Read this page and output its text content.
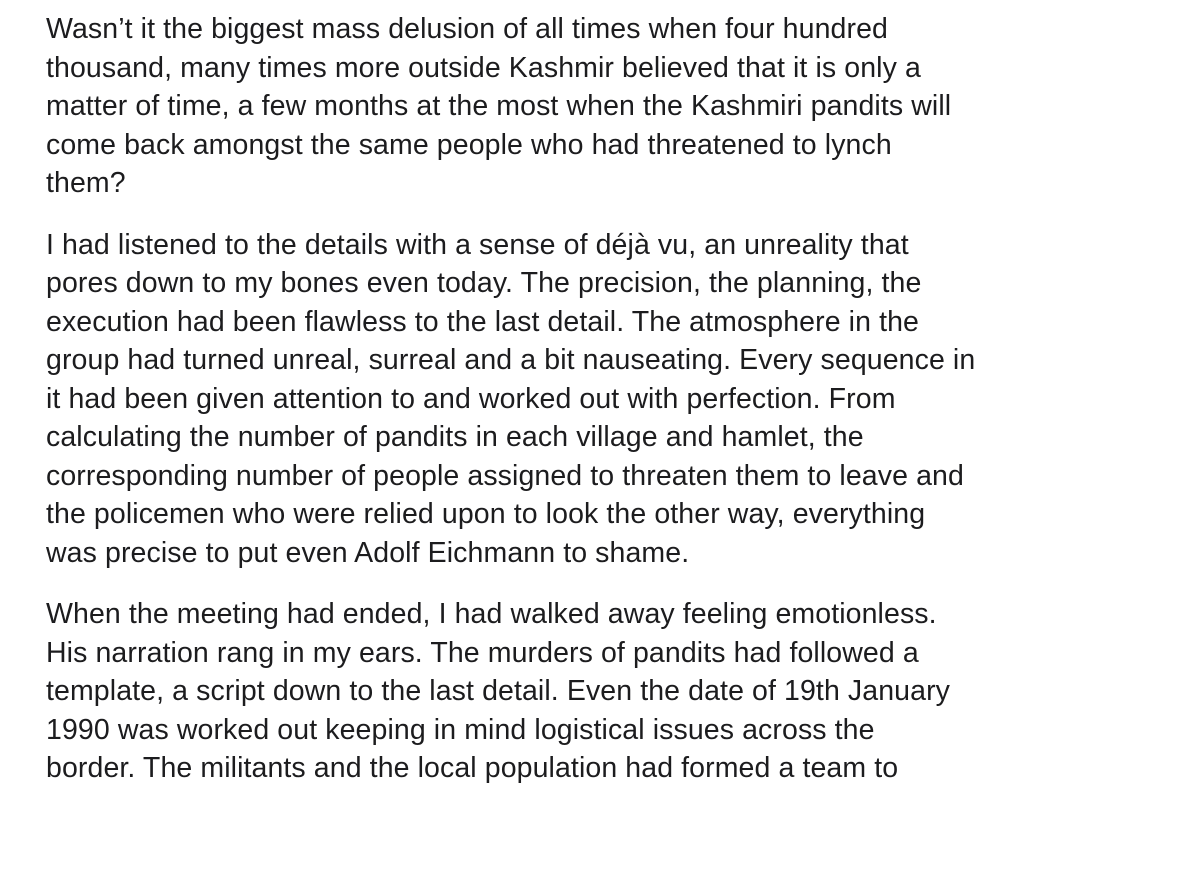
Wasn’t it the biggest mass delusion of all times when four hundred
thousand, many times more outside Kashmir believed that it is only a
matter of time, a few months at the most when the Kashmiri pandits will
come back amongst the same people who had threatened to lynch
them?

I had listened to the details with a sense of déjà vu, an unreality that
pores down to my bones even today. The precision, the planning, the
execution had been flawless to the last detail. The atmosphere in the
group had turned unreal, surreal and a bit nauseating. Every sequence in
it had been given attention to and worked out with perfection. From
calculating the number of pandits in each village and hamlet, the
corresponding number of people assigned to threaten them to leave and
the policemen who were relied upon to look the other way, everything
was precise to put even Adolf Eichmann to shame.

When the meeting had ended, I had walked away feeling emotionless.
His narration rang in my ears. The murders of pandits had followed a
template, a script down to the last detail. Even the date of 19th January
1990 was worked out keeping in mind logistical issues across the
border. The militants and the local population had formed a team to
